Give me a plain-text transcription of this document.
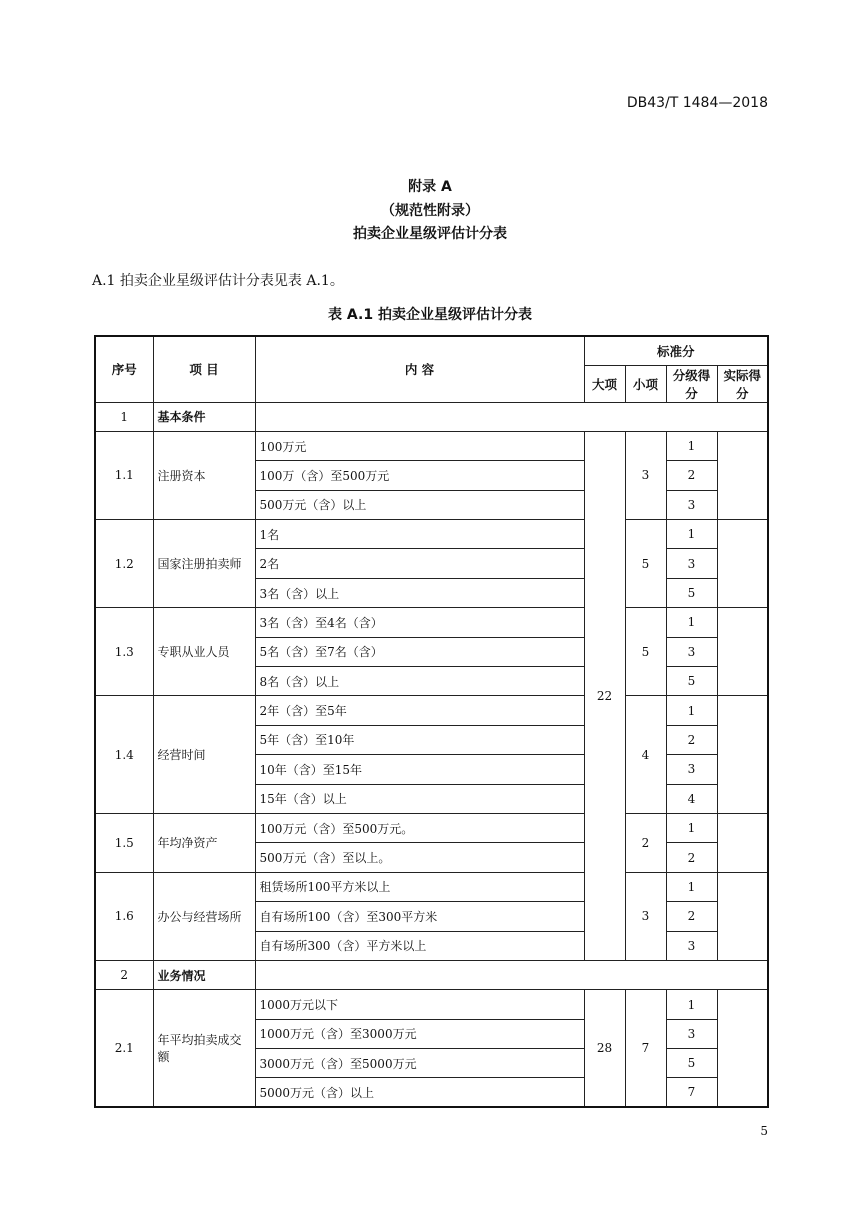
DB43/T 1484—2018
附录 A
（规范性附录）
拍卖企业星级评估计分表
A.1 拍卖企业星级评估计分表见表 A.1。
表 A.1 拍卖企业星级评估计分表
序号	项 目	内 容	标准分			
			大项	小项	分级得分	实际得分
1	基本条件					
1.1	注册资本	100万元	22	3	1	
		100万（含）至500万元			2	
		500万元（含）以上			3	
1.2	国家注册拍卖师	1名		5	1	
		2名			3	
		3名（含）以上			5	
1.3	专职从业人员	3名（含）至4名（含）		5	1	
		5名（含）至7名（含）			3	
		8名（含）以上			5	
1.4	经营时间	2年（含）至5年		4	1	
		5年（含）至10年			2	
		10年（含）至15年			3	
		15年（含）以上			4	
1.5	年均净资产	100万元（含）至500万元。		2	1	
		500万元（含）至以上。			2	
1.6	办公与经营场所	租赁场所100平方米以上		3	1	
		自有场所100（含）至300平方米			2	
		自有场所300（含）平方米以上			3	
2	业务情况					
2.1	年平均拍卖成交额	1000万元以下	28	7	1	
		1000万元（含）至3000万元			3	
		3000万元（含）至5000万元			5	
		5000万元（含）以上			7	
5
